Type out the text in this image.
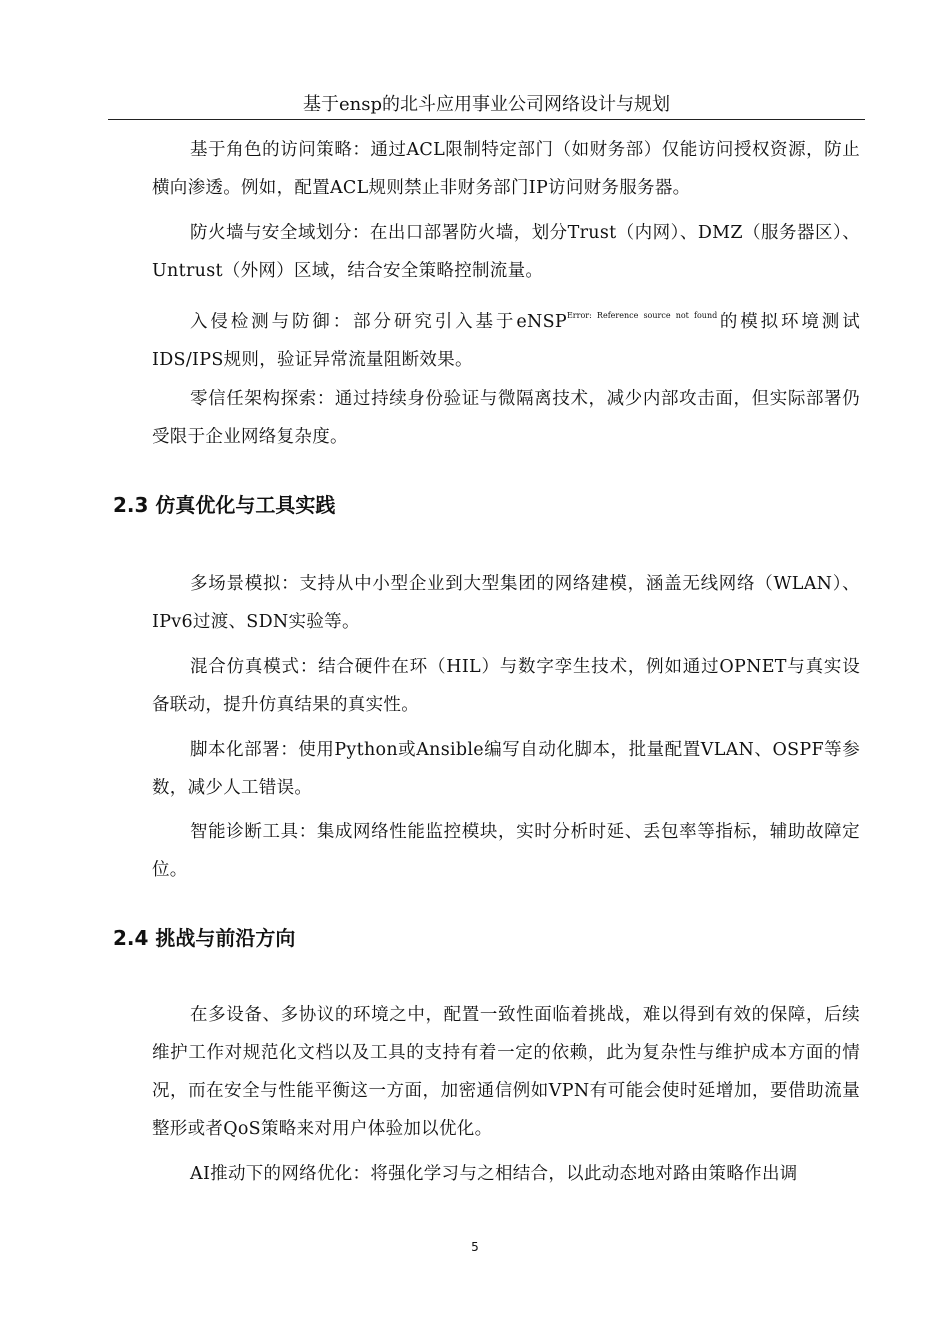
基于ensp的北斗应用事业公司网络设计与规划

基于角色的访问策略：通过ACL限制特定部门（如财务部）仅能访问授权资源，防止横向渗透。例如，配置ACL规则禁止非财务部门IP访问财务服务器。

防火墙与安全域划分：在出口部署防火墙，划分Trust（内网）、DMZ（服务器区）、Untrust（外网）区域，结合安全策略控制流量。

入侵检测与防御：部分研究引入基于eNSP$^{Error: Reference source not found}$的模拟环境测试IDS/IPS规则，验证异常流量阻断效果。

零信任架构探索：通过持续身份验证与微隔离技术，减少内部攻击面，但实际部署仍受限于企业网络复杂度。

2.3 仿真优化与工具实践

多场景模拟：支持从中小型企业到大型集团的网络建模，涵盖无线网络（WLAN）、IPv6过渡、SDN实验等。

混合仿真模式：结合硬件在环（HIL）与数字孪生技术，例如通过OPNET与真实设备联动，提升仿真结果的真实性。

脚本化部署：使用Python或Ansible编写自动化脚本，批量配置VLAN、OSPF等参数，减少人工错误。

智能诊断工具：集成网络性能监控模块，实时分析时延、丢包率等指标，辅助故障定位。

2.4 挑战与前沿方向

在多设备、多协议的环境之中，配置一致性面临着挑战，难以得到有效的保障，后续维护工作对规范化文档以及工具的支持有着一定的依赖，此为复杂性与维护成本方面的情况，而在安全与性能平衡这一方面，加密通信例如VPN有可能会使时延增加，要借助流量整形或者QoS策略来对用户体验加以优化。

AI推动下的网络优化：将强化学习与之相结合，以此动态地对路由策略作出调

5
